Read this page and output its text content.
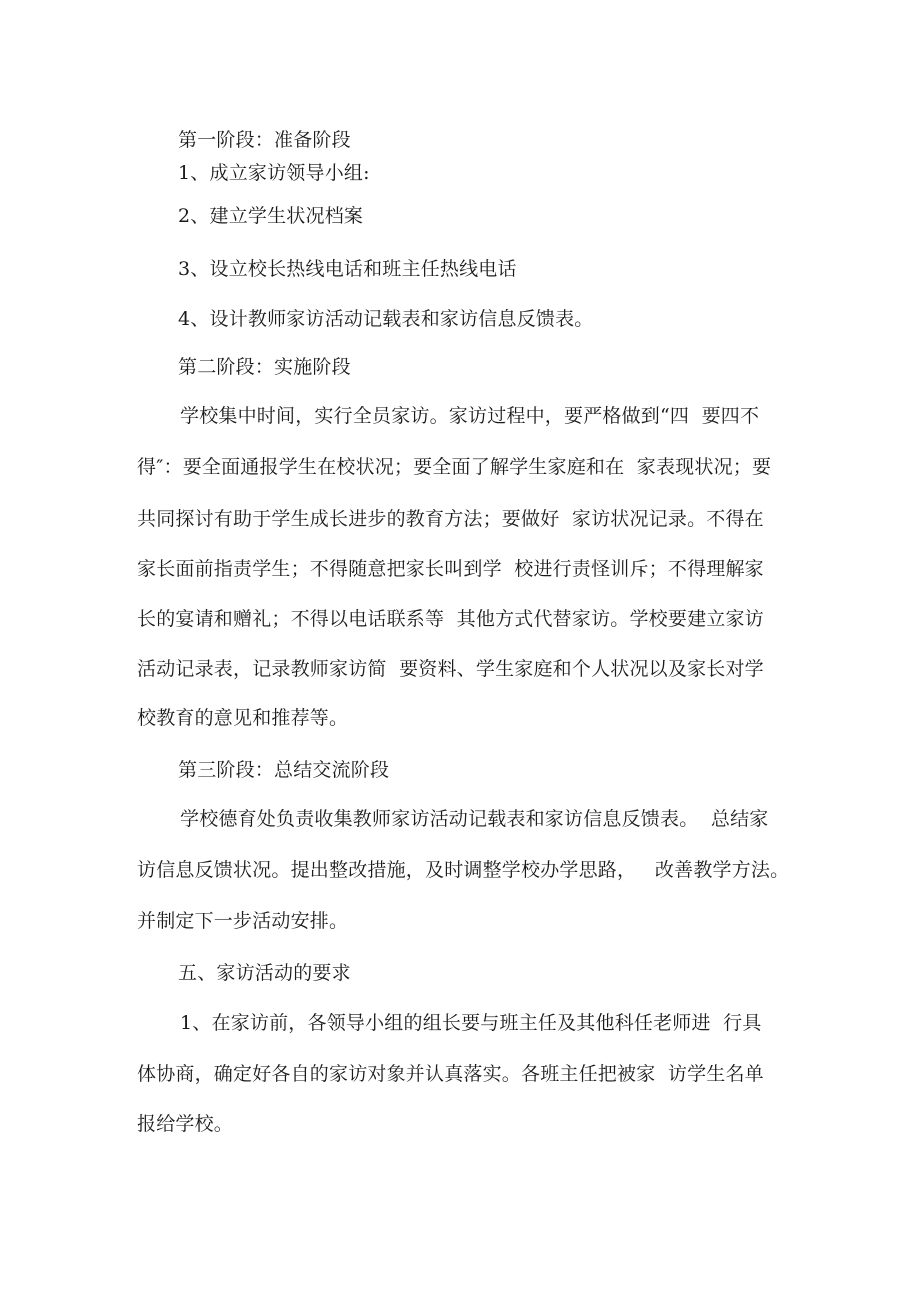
第一阶段：准备阶段
1、成立家访领导小组:
2、建立学生状况档案
3、设立校长热线电话和班主任热线电话
4、设计教师家访活动记载表和家访信息反馈表。
第二阶段：实施阶段
学校集中时间，实行全员家访。家访过程中，要严格做到“四  要四不
得″：要全面通报学生在校状况；要全面了解学生家庭和在  家表现状况；要
共同探讨有助于学生成长进步的教育方法；要做好  家访状况记录。不得在
家长面前指责学生；不得随意把家长叫到学  校进行责怪训斥；不得理解家
长的宴请和赠礼；不得以电话联系等  其他方式代替家访。学校要建立家访
活动记录表，记录教师家访简  要资料、学生家庭和个人状况以及家长对学
校教育的意见和推荐等。
第三阶段：总结交流阶段
学校德育处负责收集教师家访活动记载表和家访信息反馈表。  总结家
访信息反馈状况。提出整改措施，及时调整学校办学思路，   改善教学方法。
并制定下一步活动安排。
五、家访活动的要求
1、在家访前，各领导小组的组长要与班主任及其他科任老师进  行具
体协商，确定好各自的家访对象并认真落实。各班主任把被家  访学生名单
报给学校。
